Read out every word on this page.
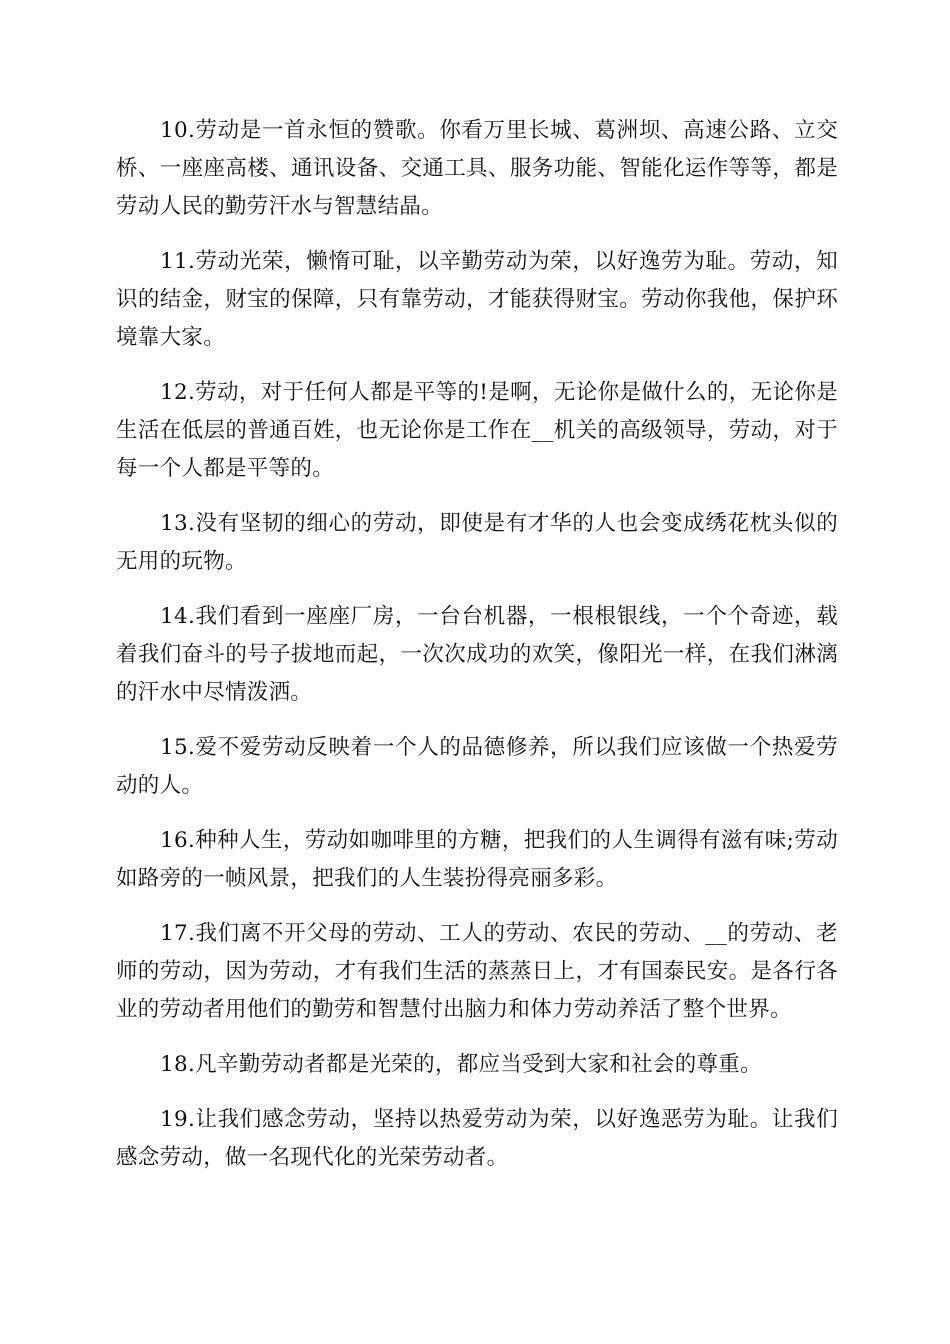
10.劳动是一首永恒的赞歌。你看万里长城、葛洲坝、高速公路、立交桥、一座座高楼、通讯设备、交通工具、服务功能、智能化运作等等，都是劳动人民的勤劳汗水与智慧结晶。

11.劳动光荣，懒惰可耻，以辛勤劳动为荣，以好逸劳为耻。劳动，知识的结金，财宝的保障，只有靠劳动，才能获得财宝。劳动你我他，保护环境靠大家。

12.劳动，对于任何人都是平等的!是啊，无论你是做什么的，无论你是生活在低层的普通百姓，也无论你是工作在__机关的高级领导，劳动，对于每一个人都是平等的。

13.没有坚韧的细心的劳动，即使是有才华的人也会变成绣花枕头似的无用的玩物。

14.我们看到一座座厂房，一台台机器，一根根银线，一个个奇迹，载着我们奋斗的号子拔地而起，一次次成功的欢笑，像阳光一样，在我们淋漓的汗水中尽情泼洒。

15.爱不爱劳动反映着一个人的品德修养，所以我们应该做一个热爱劳动的人。

16.种种人生，劳动如咖啡里的方糖，把我们的人生调得有滋有味;劳动如路旁的一帧风景，把我们的人生装扮得亮丽多彩。

17.我们离不开父母的劳动、工人的劳动、农民的劳动、__的劳动、老师的劳动，因为劳动，才有我们生活的蒸蒸日上，才有国泰民安。是各行各业的劳动者用他们的勤劳和智慧付出脑力和体力劳动养活了整个世界。

18.凡辛勤劳动者都是光荣的，都应当受到大家和社会的尊重。

19.让我们感念劳动，坚持以热爱劳动为荣，以好逸恶劳为耻。让我们感念劳动，做一名现代化的光荣劳动者。
